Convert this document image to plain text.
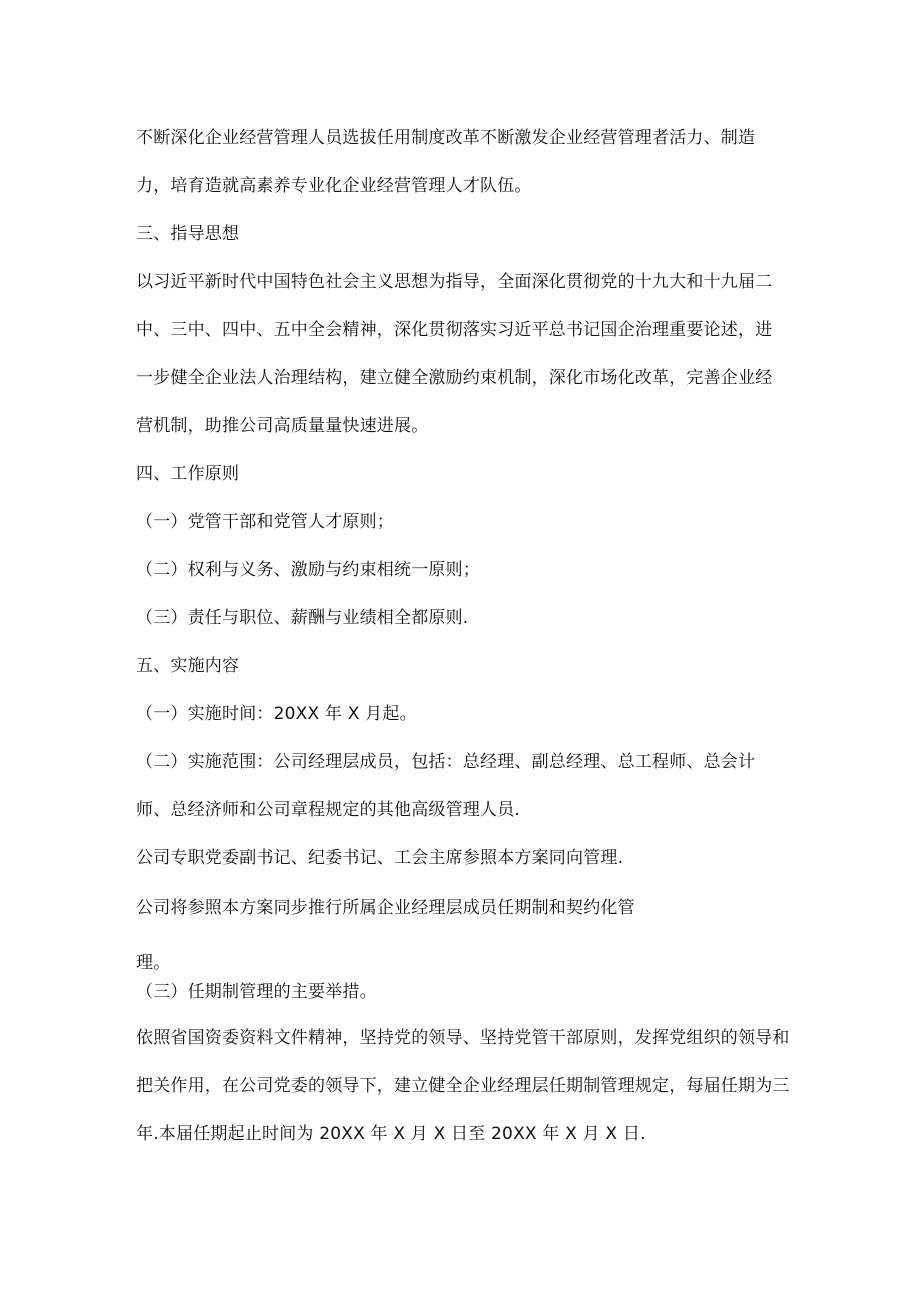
不断深化企业经营管理人员选拔任用制度改革不断激发企业经营管理者活力、制造
力，培育造就高素养专业化企业经营管理人才队伍。
三、指导思想
以习近平新时代中国特色社会主义思想为指导，全面深化贯彻党的十九大和十九届二
中、三中、四中、五中全会精神，深化贯彻落实习近平总书记国企治理重要论述，进
一步健全企业法人治理结构，建立健全激励约束机制，深化市场化改革，完善企业经
营机制，助推公司高质量量快速进展。
四、工作原则
（一）党管干部和党管人才原则；
（二）权利与义务、激励与约束相统一原则；
（三）责任与职位、薪酬与业绩相全都原则.
五、实施内容
（一）实施时间：20XX 年 X 月起。
（二）实施范围：公司经理层成员，包括：总经理、副总经理、总工程师、总会计
师、总经济师和公司章程规定的其他高级管理人员.
公司专职党委副书记、纪委书记、工会主席参照本方案同向管理.
公司将参照本方案同步推行所属企业经理层成员任期制和契约化管
理。
（三）任期制管理的主要举措。
依照省国资委资料文件精神，坚持党的领导、坚持党管干部原则，发挥党组织的领导和
把关作用，在公司党委的领导下，建立健全企业经理层任期制管理规定，每届任期为三
年.本届任期起止时间为 20XX 年 X 月 X 日至 20XX 年 X 月 X 日.
